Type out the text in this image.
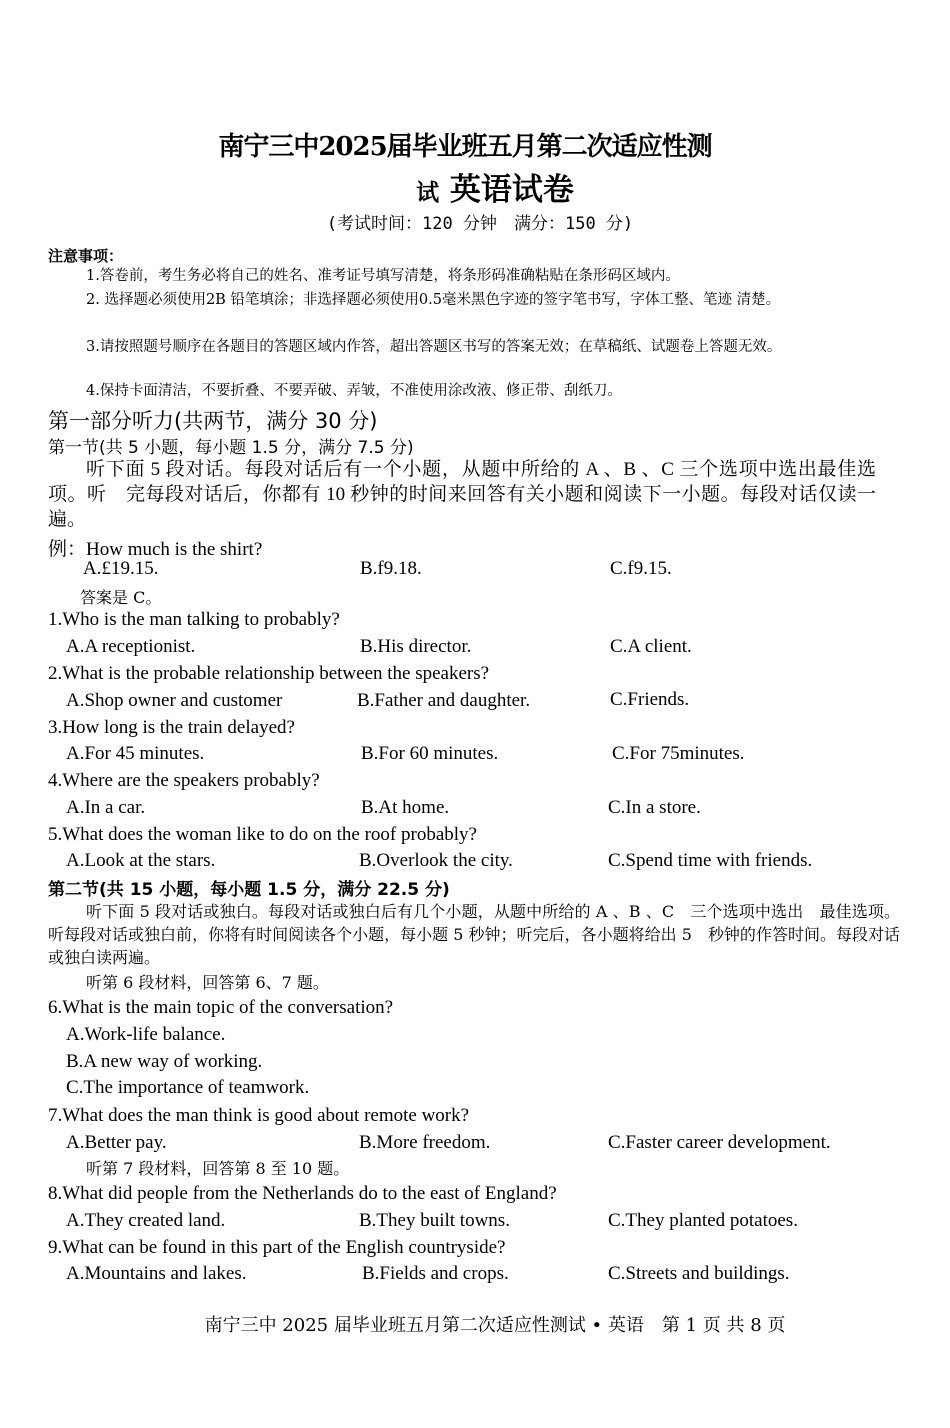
南宁三中2025届毕业班五月第二次适应性测
试 英语试卷
(考试时间：120 分钟　满分：150 分)
注意事项：
1.答卷前，考生务必将自己的姓名、准考证号填写清楚，将条形码准确粘贴在条形码区域内。
2. 选择题必须使用2B 铅笔填涂；非选择题必须使用0.5毫米黑色字迹的签字笔书写，字体工整、笔迹 清楚。
3.请按照题号顺序在各题目的答题区域内作答，超出答题区书写的答案无效；在草稿纸、试题卷上答题无效。
4.保持卡面清洁，不要折叠、不要弄破、弄皱，不准使用涂改液、修正带、刮纸刀。
第一部分听力(共两节，满分 30 分)
第一节(共 5 小题，每小题 1.5 分，满分 7.5 分)
听下面 5 段对话。每段对话后有一个小题，从题中所给的 A 、B 、C 三个选项中选出最佳选项。听　完每段对话后，你都有 10 秒钟的时间来回答有关小题和阅读下一小题。每段对话仅读一遍。
例：How much is the shirt?
A.£19.15.	B.f9.18.	C.f9.15.
答案是 C。
1.Who is the man talking to probably?
A.A receptionist.	B.His director.	C.A client.
2.What is the probable relationship between the speakers?
A.Shop owner and customer	B.Father and daughter.	C.Friends.
3.How long is the train delayed?
A.For 45 minutes.	B.For 60 minutes.	C.For 75minutes.
4.Where are the speakers probably?
A.In a car.	B.At home.	C.In a store.
5.What does the woman like to do on the roof probably?
A.Look at the stars.	B.Overlook the city.	C.Spend time with friends.
第二节(共 15 小题，每小题 1.5 分，满分 22.5 分)
听下面 5 段对话或独白。每段对话或独白后有几个小题，从题中所给的 A 、B 、C　三个选项中选出　最佳选项。听每段对话或独白前，你将有时间阅读各个小题，每小题 5 秒钟；听完后，各小题将给出 5　秒钟的作答时间。每段对话或独白读两遍。
听第 6 段材料，回答第 6、7 题。
6.What is the main topic of the conversation?
A.Work-life balance.
B.A new way of working.
C.The importance of teamwork.
7.What does the man think is good about remote work?
A.Better pay.	B.More freedom.	C.Faster career development.
听第 7 段材料，回答第 8 至 10 题。
8.What did people from the Netherlands do to the east of England?
A.They created land.	B.They built towns.	C.They planted potatoes.
9.What can be found in this part of the English countryside?
A.Mountains and lakes.	B.Fields and crops.	C.Streets and buildings.
南宁三中 2025 届毕业班五月第二次适应性测试 • 英语　第 1 页 共 8 页
